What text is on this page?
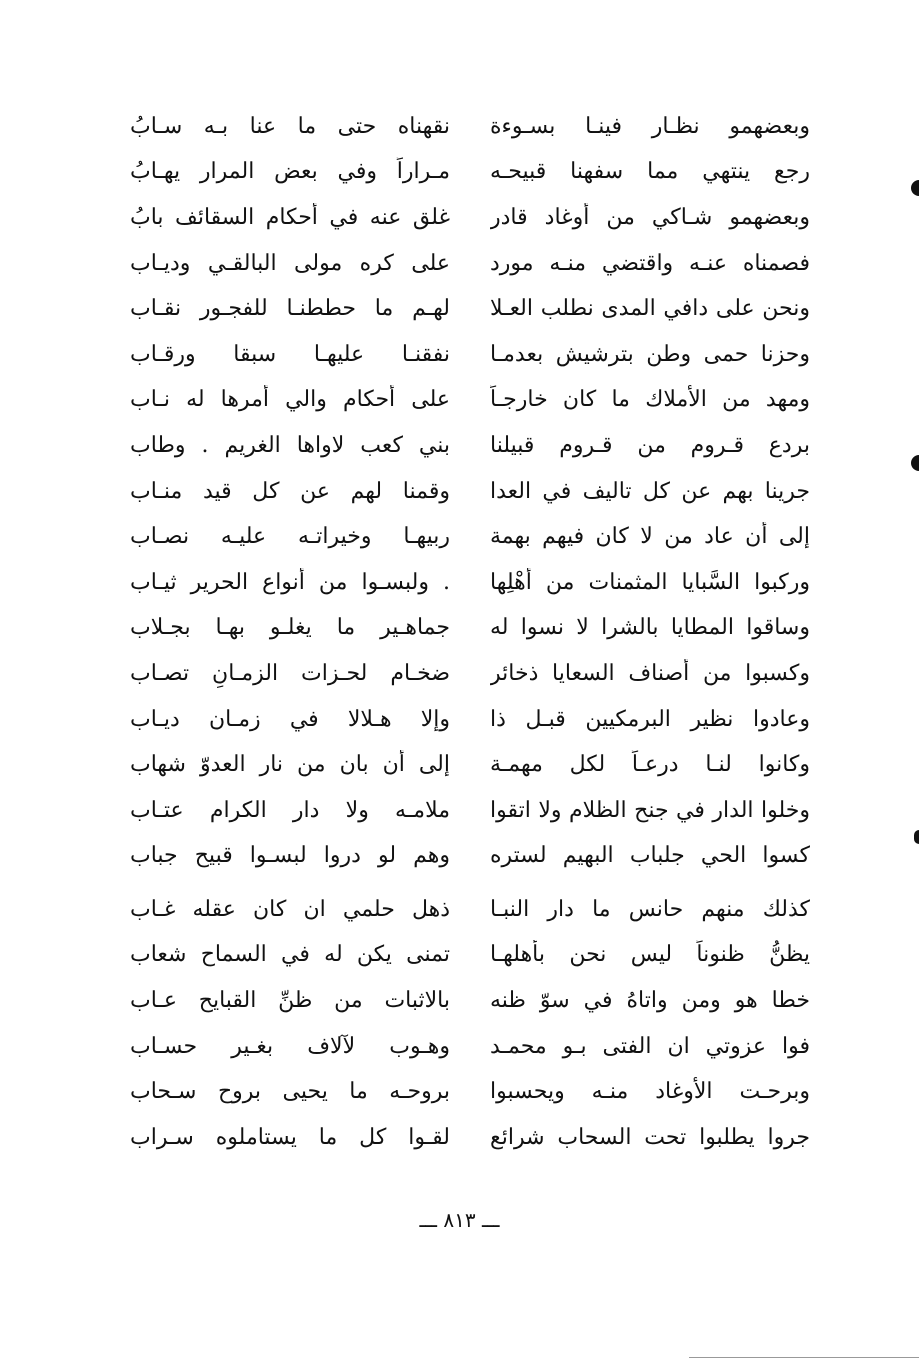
وبعضهمو نظـار فينـا بسـوءة
نقهناه حتى ما عنا بـه سـابُ
رجع ينتهي مما سفهنا قبيحـه
مـراراً وفي بعض المرار يهـابُ
وبعضهمو شـاكي من أوغاد قادر
غلق عنه في أحكام السقائف بابُ
فصمناه عنـه واقتضي منـه مورد
على كره مولى البالقـي وديـاب
ونحن على دافي المدى نطلب العـلا
لهـم ما حططنـا للفجـور نقـاب
وحزنا حمى وطن بترشيش بعدمـا
نفقنـا عليهـا سبقا ورقـاب
ومهد من الأملاك ما كان خارجـاً
على أحكام والي أمرها له نـاب
بردع قـروم من قـروم قبيلنا
بني كعب لاواها الغريم . وطاب
جرينا بهم عن كل تاليف في العدا
وقمنا لهم عن كل قيد منـاب
إلى أن عاد من لا كان فيهم بهمة
ربيهـا وخيراتـه عليـه نصـاب
وركبوا السَّبايا المثمنات من أهْلِها
. ولبسـوا من أنواع الحرير ثيـاب
وساقوا المطايا بالشرا لا نسوا له
جماهـير ما يغلـو بهـا بجـلاب
وكسبوا من أصناف السعايا ذخائر
ضخـام لحـزات الزمـانِ تصـاب
وعادوا نظير البرمكيين قبـل ذا
وإلا هـلالا في زمـان ديـاب
وكانوا لنـا درعـاً لكل مهمـة
إلى أن بان من نار العدوّ شهاب
وخلوا الدار في جنح الظلام ولا اتقوا
ملامـه ولا دار الكرام عتـاب
كسوا الحي جلباب البهيم لستره
وهم لو دروا لبسـوا قبيح جباب
كذلك منهم حانس ما دار النبـا
ذهل حلمي ان كان عقله غـاب
يظنُّ ظنوناً ليس نحن بأهلهـا
تمنى يكن له في السماح شعاب
خطا هو ومن واتاهُ في سوّ ظنه
بالاثبات من ظنِّ القبايح عـاب
فوا عزوتي ان الفتى بـو محمـد
وهـوب لآلاف بغـير حسـاب
وبرحـت الأوغاد منـه ويحسبوا
بروحـه ما يحيى بروح سـحاب
جروا يطلبوا تحت السحاب شرائع
لقـوا كل ما يستاملوه سـراب
ـــ ٨١٣ ـــ
